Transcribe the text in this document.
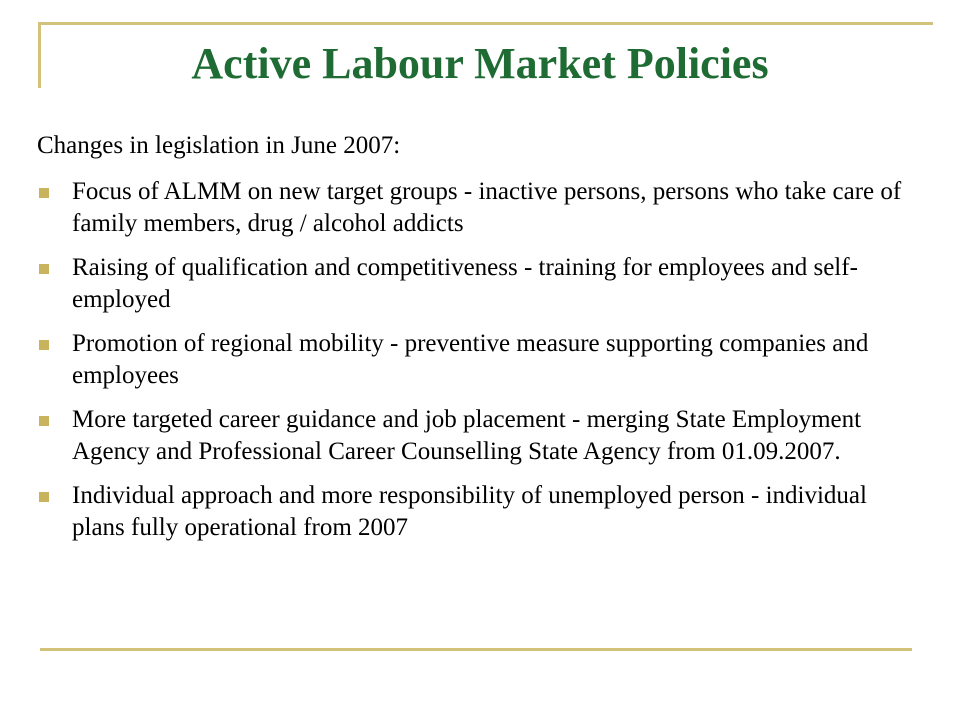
Active Labour Market Policies

Changes in legislation in June 2007:

Focus of ALMM on new target groups - inactive persons, persons who take care of family members, drug / alcohol addicts
Raising of qualification and competitiveness - training for employees and self-employed
Promotion of regional mobility - preventive measure supporting companies and employees
More targeted career guidance and job placement - merging State Employment Agency and Professional Career Counselling State Agency from 01.09.2007.
Individual approach and more responsibility of unemployed person - individual plans fully operational from 2007
